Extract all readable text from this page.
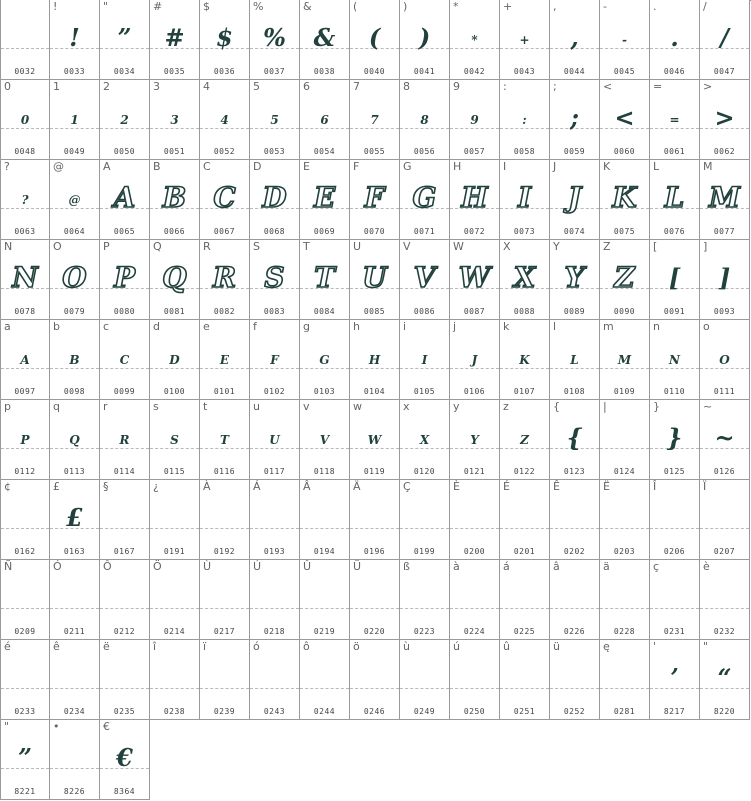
0032
!
!
0033
"
”
0034
#
#
0035
$
$
0036
%
%
0037
&
&
0038
(
(
0040
)
)
0041
*
*
0042
+
+
0043
,
,
0044
-
-
0045
.
.
0046
/
/
0047
0
0
0048
1
1
0049
2
2
0050
3
3
0051
4
4
0052
5
5
0053
6
6
0054
7
7
0055
8
8
0056
9
9
0057
:
:
0058
;
;
0059
<
<
0060
=
=
0061
>
>
0062
?
?
0063
@
@
0064
A
A
0065
B
B
0066
C
C
0067
D
D
0068
E
E
0069
F
F
0070
G
G
0071
H
H
0072
I
I
0073
J
J
0074
K
K
0075
L
L
0076
M
M
0077
N
N
0078
O
O
0079
P
P
0080
Q
Q
0081
R
R
0082
S
S
0083
T
T
0084
U
U
0085
V
V
0086
W
W
0087
X
X
0088
Y
Y
0089
Z
Z
0090
[
[
0091
]
]
0093
a
A
0097
b
B
0098
c
C
0099
d
D
0100
e
E
0101
f
F
0102
g
G
0103
h
H
0104
i
I
0105
j
J
0106
k
K
0107
l
L
0108
m
M
0109
n
N
0110
o
O
0111
p
P
0112
q
Q
0113
r
R
0114
s
S
0115
t
T
0116
u
U
0117
v
V
0118
w
W
0119
x
X
0120
y
Y
0121
z
Z
0122
{
{
0123
|
0124
}
}
0125
~
~
0126
¢
0162
£
£
0163
§
0167
¿
0191
À
0192
Á
0193
Â
0194
Ä
0196
Ç
0199
È
0200
É
0201
Ê
0202
Ë
0203
Î
0206
Ï
0207
Ñ
0209
Ó
0211
Ô
0212
Ö
0214
Ù
0217
Ú
0218
Û
0219
Ü
0220
ß
0223
à
0224
á
0225
â
0226
ä
0228
ç
0231
è
0232
é
0233
ê
0234
ë
0235
î
0238
ï
0239
ó
0243
ô
0244
ö
0246
ù
0249
ú
0250
û
0251
ü
0252
ę
0281
'
’
8217
"
“
8220
"
”
8221
•
8226
€
€
8364
